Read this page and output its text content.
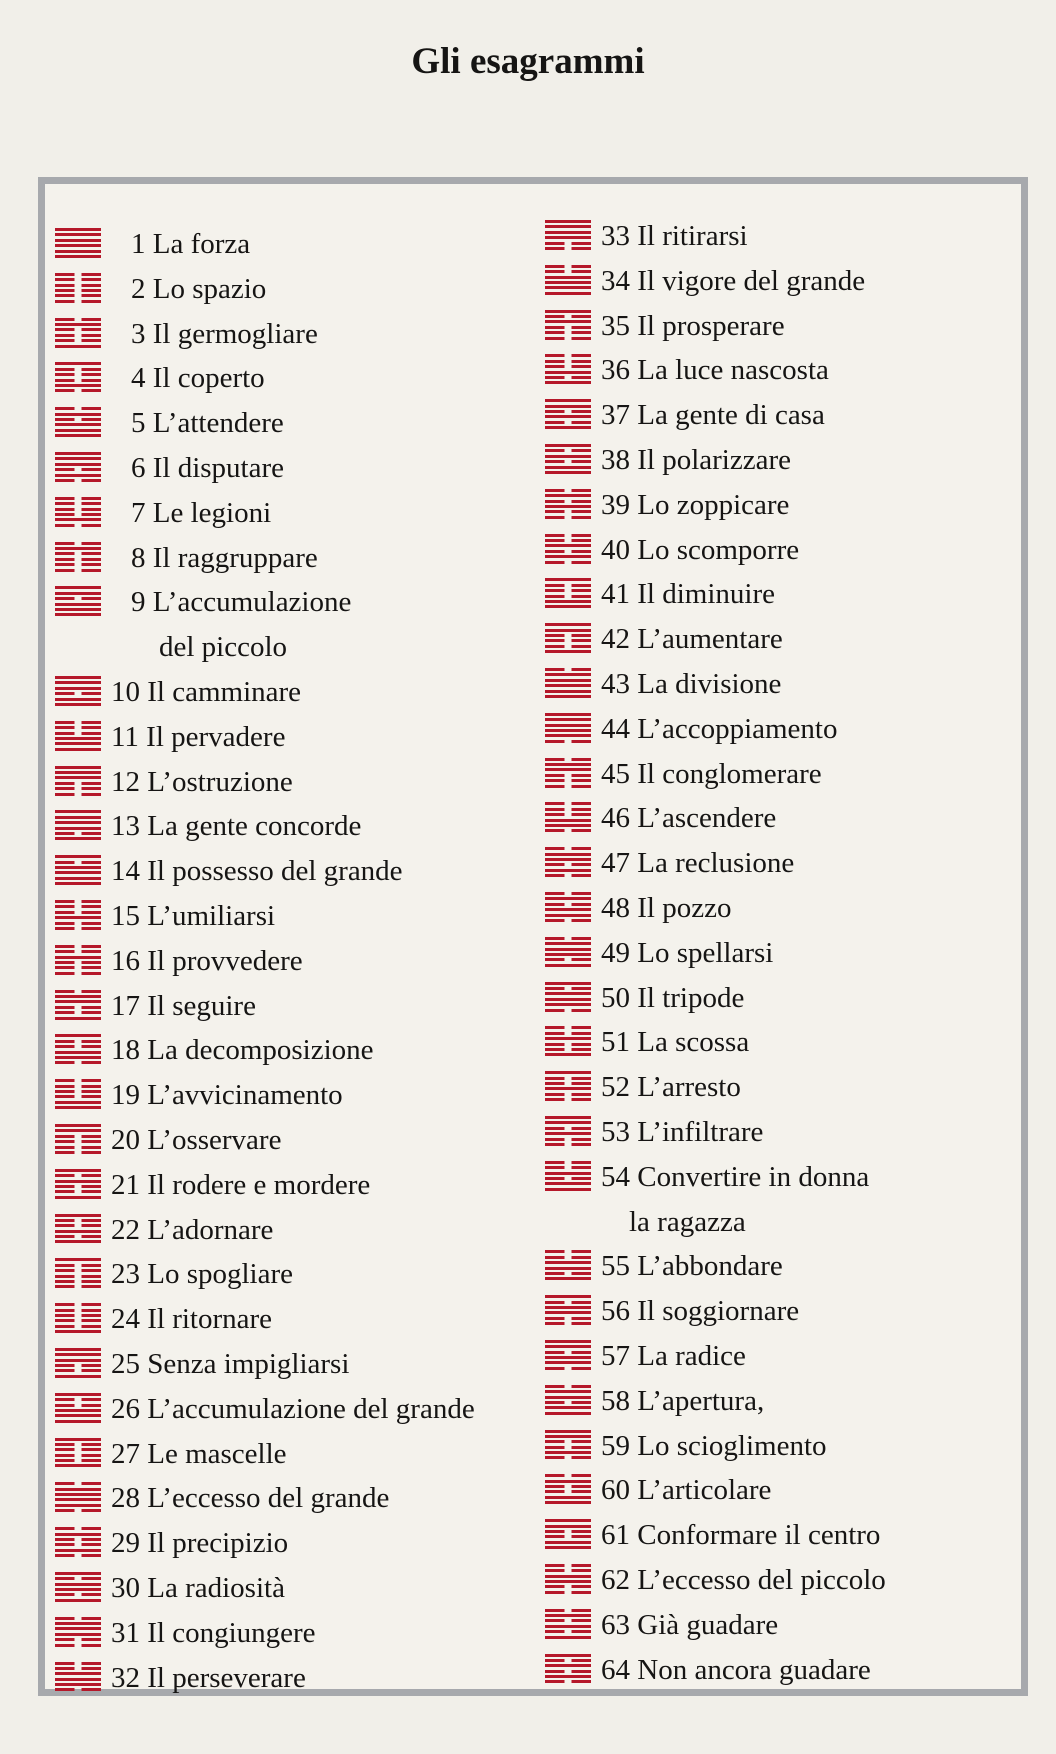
Gli esagrammi
1 La forza
2 Lo spazio
3 Il germogliare
4 Il coperto
5 L’attendere
6 Il disputare
7 Le legioni
8 Il raggruppare
9 L’accumulazione
del piccolo
10 Il camminare
11 Il pervadere
12 L’ostruzione
13 La gente concorde
14 Il possesso del grande
15 L’umiliarsi
16 Il provvedere
17 Il seguire
18 La decomposizione
19 L’avvicinamento
20 L’osservare
21 Il rodere e mordere
22 L’adornare
23 Lo spogliare
24 Il ritornare
25 Senza impigliarsi
26 L’accumulazione del grande
27 Le mascelle
28 L’eccesso del grande
29 Il precipizio
30 La radiosità
31 Il congiungere
32 Il perseverare
33 Il ritirarsi
34 Il vigore del grande
35 Il prosperare
36 La luce nascosta
37 La gente di casa
38 Il polarizzare
39 Lo zoppicare
40 Lo scomporre
41 Il diminuire
42 L’aumentare
43 La divisione
44 L’accoppiamento
45 Il conglomerare
46 L’ascendere
47 La reclusione
48 Il pozzo
49 Lo spellarsi
50 Il tripode
51 La scossa
52 L’arresto
53 L’infiltrare
54 Convertire in donna
la ragazza
55 L’abbondare
56 Il soggiornare
57 La radice
58 L’apertura,
59 Lo scioglimento
60 L’articolare
61 Conformare il centro
62 L’eccesso del piccolo
63 Già guadare
64 Non ancora guadare
